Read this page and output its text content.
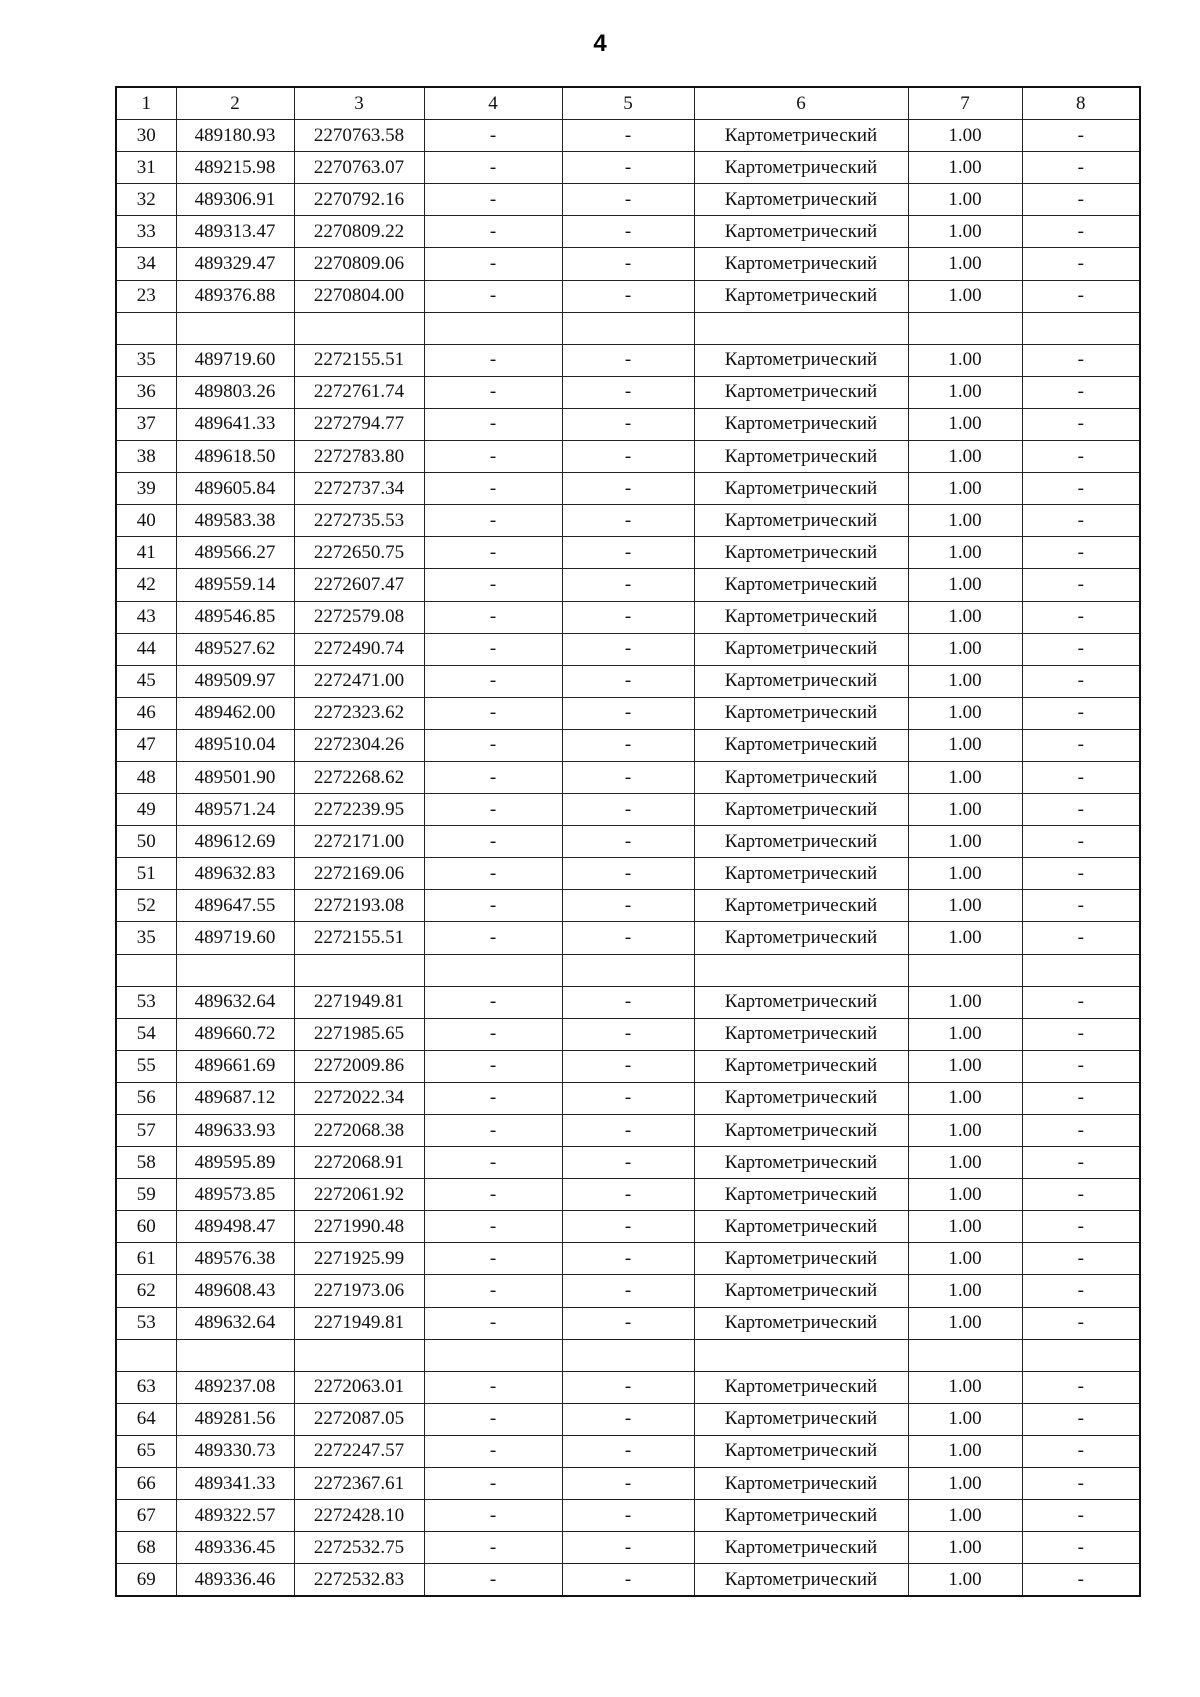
4
1	2	3	4	5	6	7	8
30	489180.93	2270763.58	-	-	Картометрический	1.00	-
31	489215.98	2270763.07	-	-	Картометрический	1.00	-
32	489306.91	2270792.16	-	-	Картометрический	1.00	-
33	489313.47	2270809.22	-	-	Картометрический	1.00	-
34	489329.47	2270809.06	-	-	Картометрический	1.00	-
23	489376.88	2270804.00	-	-	Картометрический	1.00	-

35	489719.60	2272155.51	-	-	Картометрический	1.00	-
36	489803.26	2272761.74	-	-	Картометрический	1.00	-
37	489641.33	2272794.77	-	-	Картометрический	1.00	-
38	489618.50	2272783.80	-	-	Картометрический	1.00	-
39	489605.84	2272737.34	-	-	Картометрический	1.00	-
40	489583.38	2272735.53	-	-	Картометрический	1.00	-
41	489566.27	2272650.75	-	-	Картометрический	1.00	-
42	489559.14	2272607.47	-	-	Картометрический	1.00	-
43	489546.85	2272579.08	-	-	Картометрический	1.00	-
44	489527.62	2272490.74	-	-	Картометрический	1.00	-
45	489509.97	2272471.00	-	-	Картометрический	1.00	-
46	489462.00	2272323.62	-	-	Картометрический	1.00	-
47	489510.04	2272304.26	-	-	Картометрический	1.00	-
48	489501.90	2272268.62	-	-	Картометрический	1.00	-
49	489571.24	2272239.95	-	-	Картометрический	1.00	-
50	489612.69	2272171.00	-	-	Картометрический	1.00	-
51	489632.83	2272169.06	-	-	Картометрический	1.00	-
52	489647.55	2272193.08	-	-	Картометрический	1.00	-
35	489719.60	2272155.51	-	-	Картометрический	1.00	-

53	489632.64	2271949.81	-	-	Картометрический	1.00	-
54	489660.72	2271985.65	-	-	Картометрический	1.00	-
55	489661.69	2272009.86	-	-	Картометрический	1.00	-
56	489687.12	2272022.34	-	-	Картометрический	1.00	-
57	489633.93	2272068.38	-	-	Картометрический	1.00	-
58	489595.89	2272068.91	-	-	Картометрический	1.00	-
59	489573.85	2272061.92	-	-	Картометрический	1.00	-
60	489498.47	2271990.48	-	-	Картометрический	1.00	-
61	489576.38	2271925.99	-	-	Картометрический	1.00	-
62	489608.43	2271973.06	-	-	Картометрический	1.00	-
53	489632.64	2271949.81	-	-	Картометрический	1.00	-

63	489237.08	2272063.01	-	-	Картометрический	1.00	-
64	489281.56	2272087.05	-	-	Картометрический	1.00	-
65	489330.73	2272247.57	-	-	Картометрический	1.00	-
66	489341.33	2272367.61	-	-	Картометрический	1.00	-
67	489322.57	2272428.10	-	-	Картометрический	1.00	-
68	489336.45	2272532.75	-	-	Картометрический	1.00	-
69	489336.46	2272532.83	-	-	Картометрический	1.00	-
